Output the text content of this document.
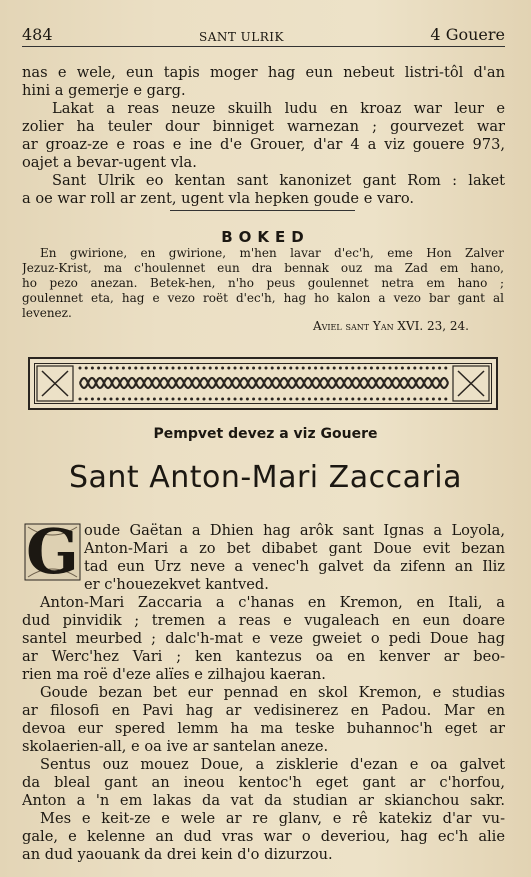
484	SANT ULRIK	4 Gouere
nas e wele, eun tapis moger hag eun nebeut listri-tôl d'an
hini a gemerje e garg.
Lakat a reas neuze skuilh ludu en kroaz war leur e
zolier ha teuler dour binniget warnezan ; gourvezet war
ar groaz-ze e roas e ine d'e Grouer, d'ar 4 a viz gouere 973,
oajet a bevar-ugent vla.
Sant Ulrik eo kentan sant kanonizet gant Rom : laket
a oe war roll ar zent, ugent vla hepken goude e varo.
BOKED
En gwirione, en gwirione, m'hen lavar d'ec'h, eme Hon Zalver
Jezuz-Krist, ma c'houlennet eun dra bennak ouz ma Zad em hano,
ho pezo anezan. Betek-hen, n'ho peus goulennet netra em hano ;
goulennet eta, hag e vezo roët d'ec'h, hag ho kalon a vezo bar gant al
levenez.
Aviel sant Yan XVI. 23, 24.
Pempvet devez a viz Gouere
Sant Anton-Mari Zaccaria
G oude Gaëtan a Dhien hag arôk sant Ignas a Loyola,
Anton-Mari a zo bet dibabet gant Doue evit bezan
tad eun Urz neve a venec'h galvet da zifenn an Iliz
er c'houezekvet kantved.
Anton-Mari Zaccaria a c'hanas en Kremon, en Itali, a
dud pinvidik ; tremen a reas e vugaleach en eun doare
santel meurbed ; dalc'h-mat e veze gweiet o pedi Doue hag
ar Werc'hez Vari ; ken kantezus oa en kenver ar beo-
rien ma roë d'eze alïes e zilhajou kaeran.
Goude bezan bet eur pennad en skol Kremon, e studias
ar filosofi en Pavi hag ar vedisinerez en Padou. Mar en
devoa eur spered lemm ha ma teske buhannoc'h eget ar
skolaerien-all, e oa ive ar santelan aneze.
Sentus ouz mouez Doue, a zisklerie d'ezan e oa galvet
da bleal gant an ineou kentoc'h eget gant ar c'horfou,
Anton a 'n em lakas da vat da studian ar skianchou sakr.
Mes e keit-ze e wele ar re glanv, e rê katekiz d'ar vu-
gale, e kelenne an dud vras war o deveriou, hag ec'h alie
an dud yaouank da drei kein d'o dizurzou.
